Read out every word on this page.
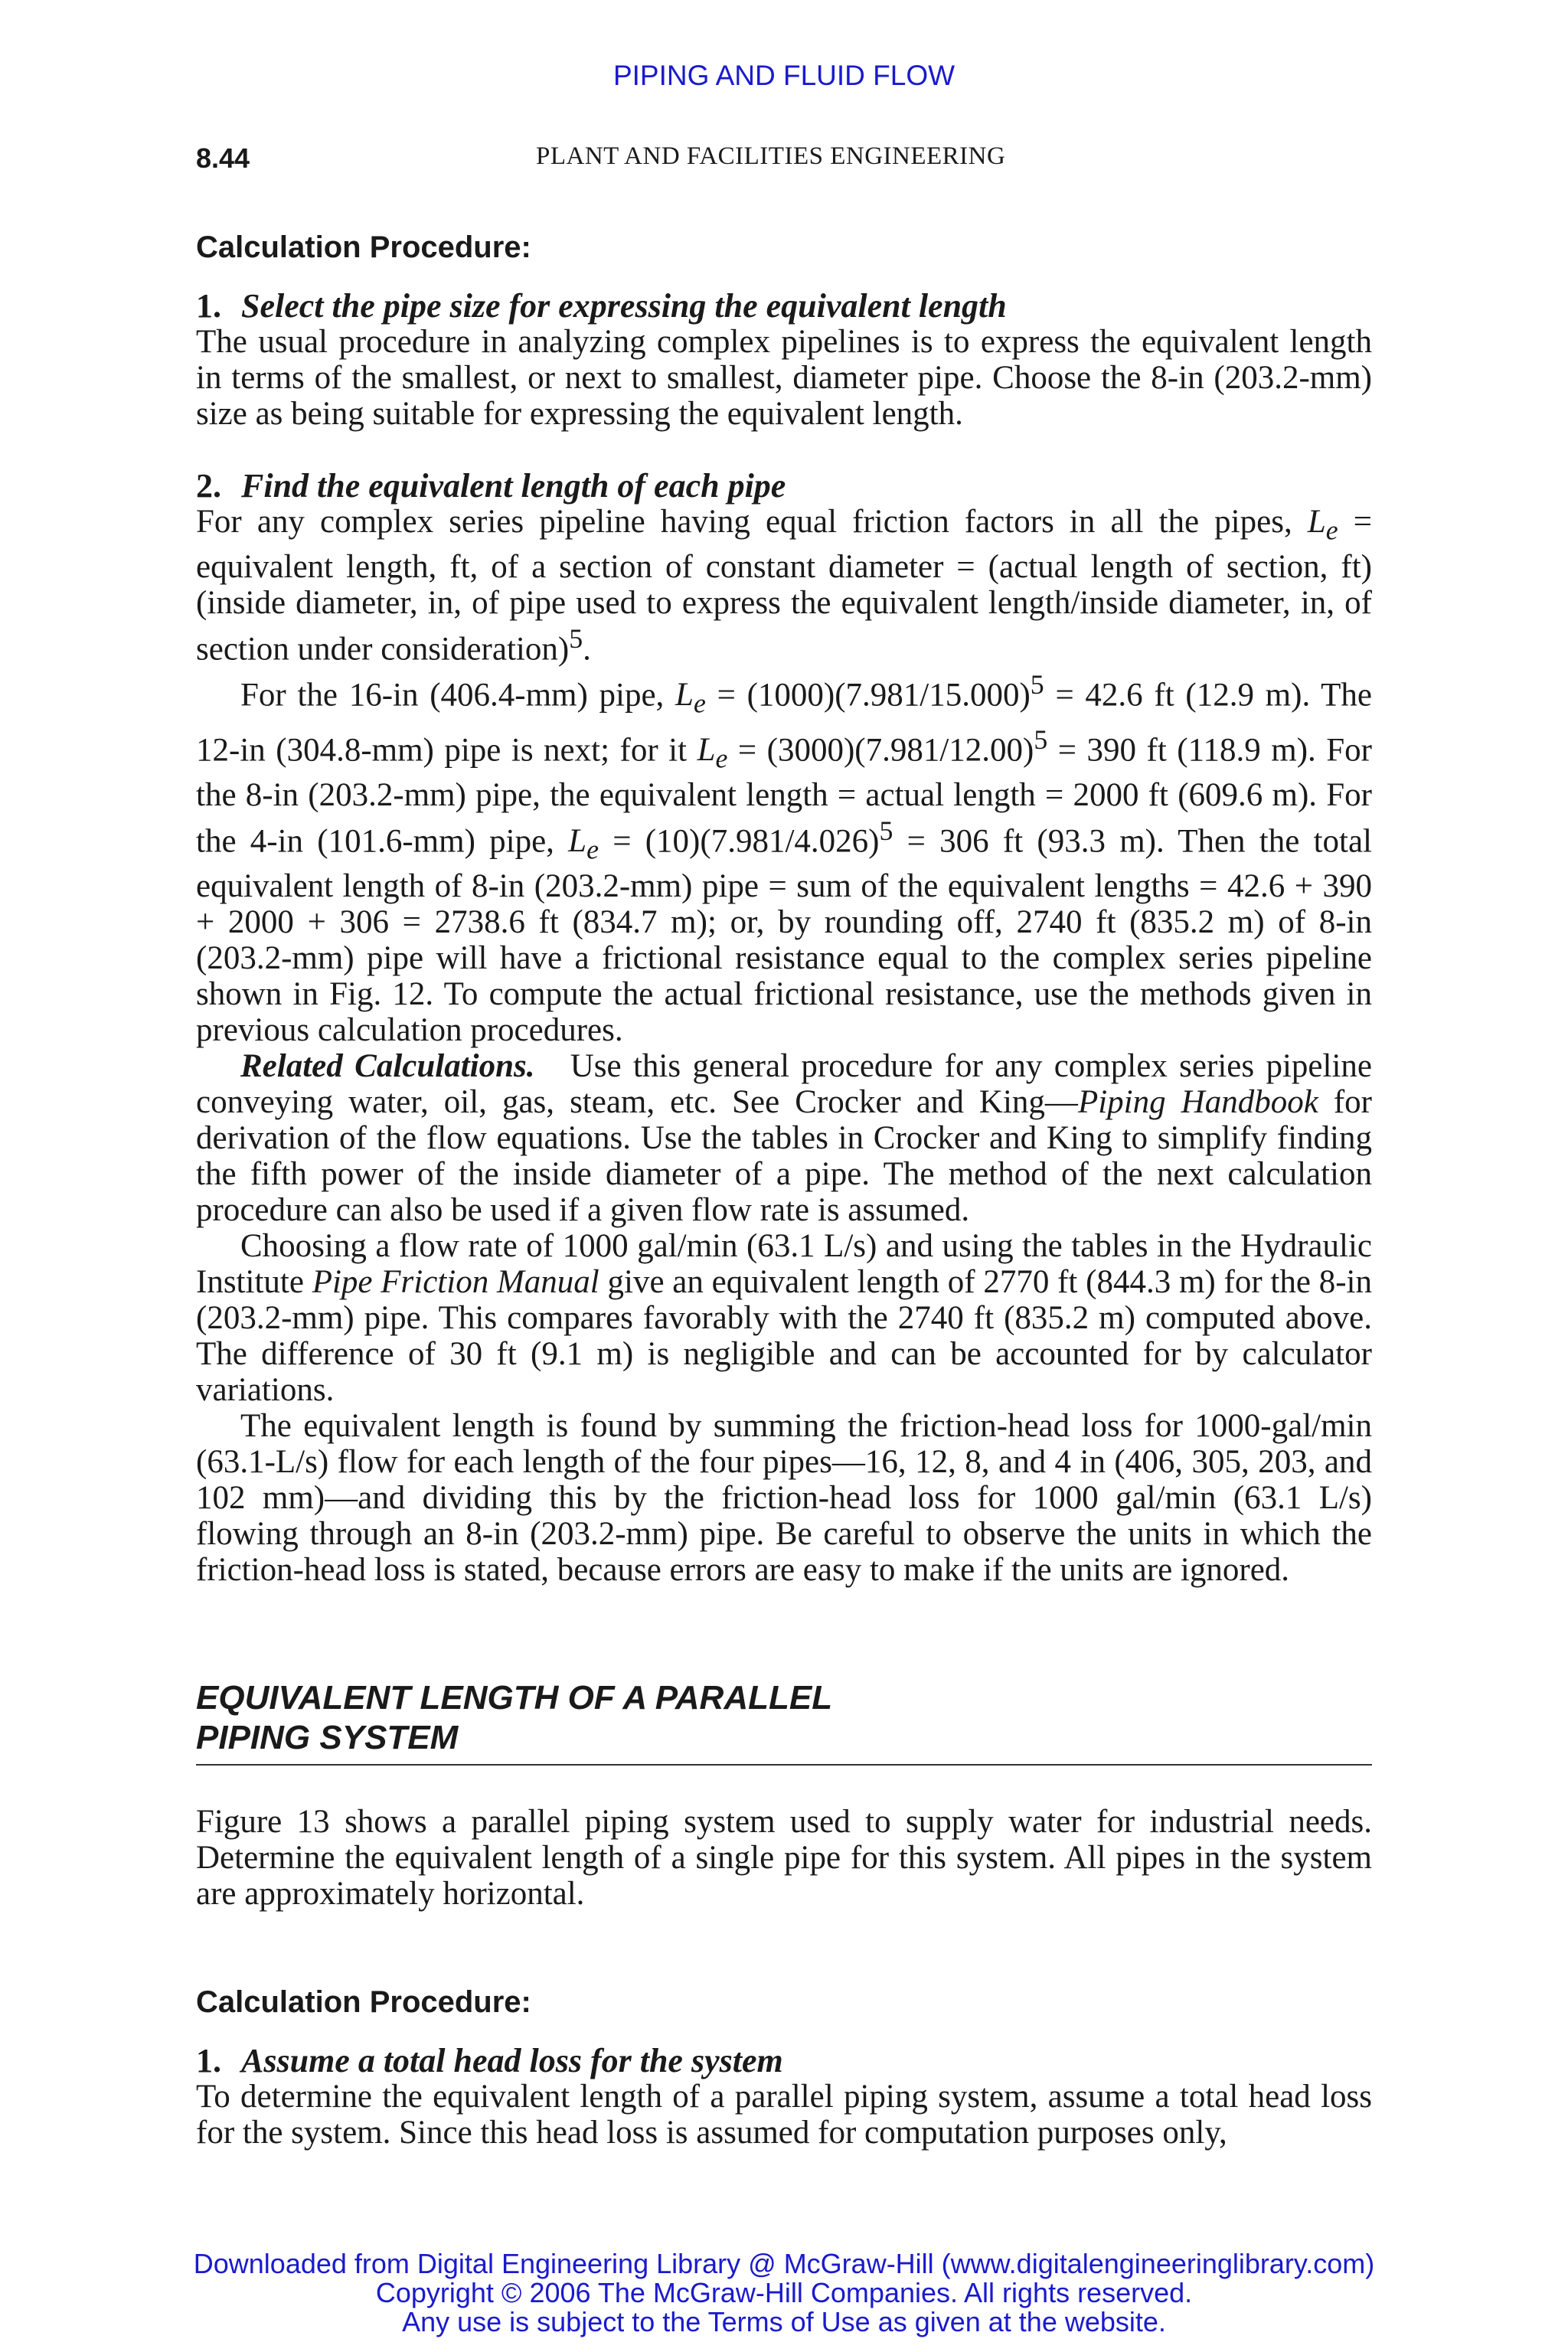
PIPING AND FLUID FLOW
8.44	PLANT AND FACILITIES ENGINEERING
Calculation Procedure:
1. Select the pipe size for expressing the equivalent length

The usual procedure in analyzing complex pipelines is to express the equivalent length in terms of the smallest, or next to smallest, diameter pipe. Choose the 8-in (203.2-mm) size as being suitable for expressing the equivalent length.

2. Find the equivalent length of each pipe

For any complex series pipeline having equal friction factors in all the pipes, $L_e$ = equivalent length, ft, of a section of constant diameter = (actual length of section, ft) (inside diameter, in, of pipe used to express the equivalent length/inside diameter, in, of section under consideration)$^5$.

For the 16-in (406.4-mm) pipe, $L_e = (1000)(7.981/15.000)^5 = 42.6$ ft (12.9 m). The 12-in (304.8-mm) pipe is next; for it $L_e = (3000)(7.981/12.00)^5 = 390$ ft (118.9 m). For the 8-in (203.2-mm) pipe, the equivalent length = actual length = 2000 ft (609.6 m). For the 4-in (101.6-mm) pipe, $L_e = (10)(7.981/4.026)^5 = 306$ ft (93.3 m). Then the total equivalent length of 8-in (203.2-mm) pipe = sum of the equivalent lengths = 42.6 + 390 + 2000 + 306 = 2738.6 ft (834.7 m); or, by rounding off, 2740 ft (835.2 m) of 8-in (203.2-mm) pipe will have a frictional resistance equal to the complex series pipeline shown in Fig. 12. To compute the actual frictional resistance, use the methods given in previous calculation procedures.

Related Calculations. Use this general procedure for any complex series pipeline conveying water, oil, gas, steam, etc. See Crocker and King—Piping Handbook for derivation of the flow equations. Use the tables in Crocker and King to simplify finding the fifth power of the inside diameter of a pipe. The method of the next calculation procedure can also be used if a given flow rate is assumed.

Choosing a flow rate of 1000 gal/min (63.1 L/s) and using the tables in the Hydraulic Institute Pipe Friction Manual give an equivalent length of 2770 ft (844.3 m) for the 8-in (203.2-mm) pipe. This compares favorably with the 2740 ft (835.2 m) computed above. The difference of 30 ft (9.1 m) is negligible and can be accounted for by calculator variations.

The equivalent length is found by summing the friction-head loss for 1000-gal/min (63.1-L/s) flow for each length of the four pipes—16, 12, 8, and 4 in (406, 305, 203, and 102 mm)—and dividing this by the friction-head loss for 1000 gal/min (63.1 L/s) flowing through an 8-in (203.2-mm) pipe. Be careful to observe the units in which the friction-head loss is stated, because errors are easy to make if the units are ignored.

EQUIVALENT LENGTH OF A PARALLEL
PIPING SYSTEM

Figure 13 shows a parallel piping system used to supply water for industrial needs. Determine the equivalent length of a single pipe for this system. All pipes in the system are approximately horizontal.

Calculation Procedure:
1. Assume a total head loss for the system

To determine the equivalent length of a parallel piping system, assume a total head loss for the system. Since this head loss is assumed for computation purposes only,

Downloaded from Digital Engineering Library @ McGraw-Hill (www.digitalengineeringlibrary.com)
Copyright © 2006 The McGraw-Hill Companies. All rights reserved.
Any use is subject to the Terms of Use as given at the website.
